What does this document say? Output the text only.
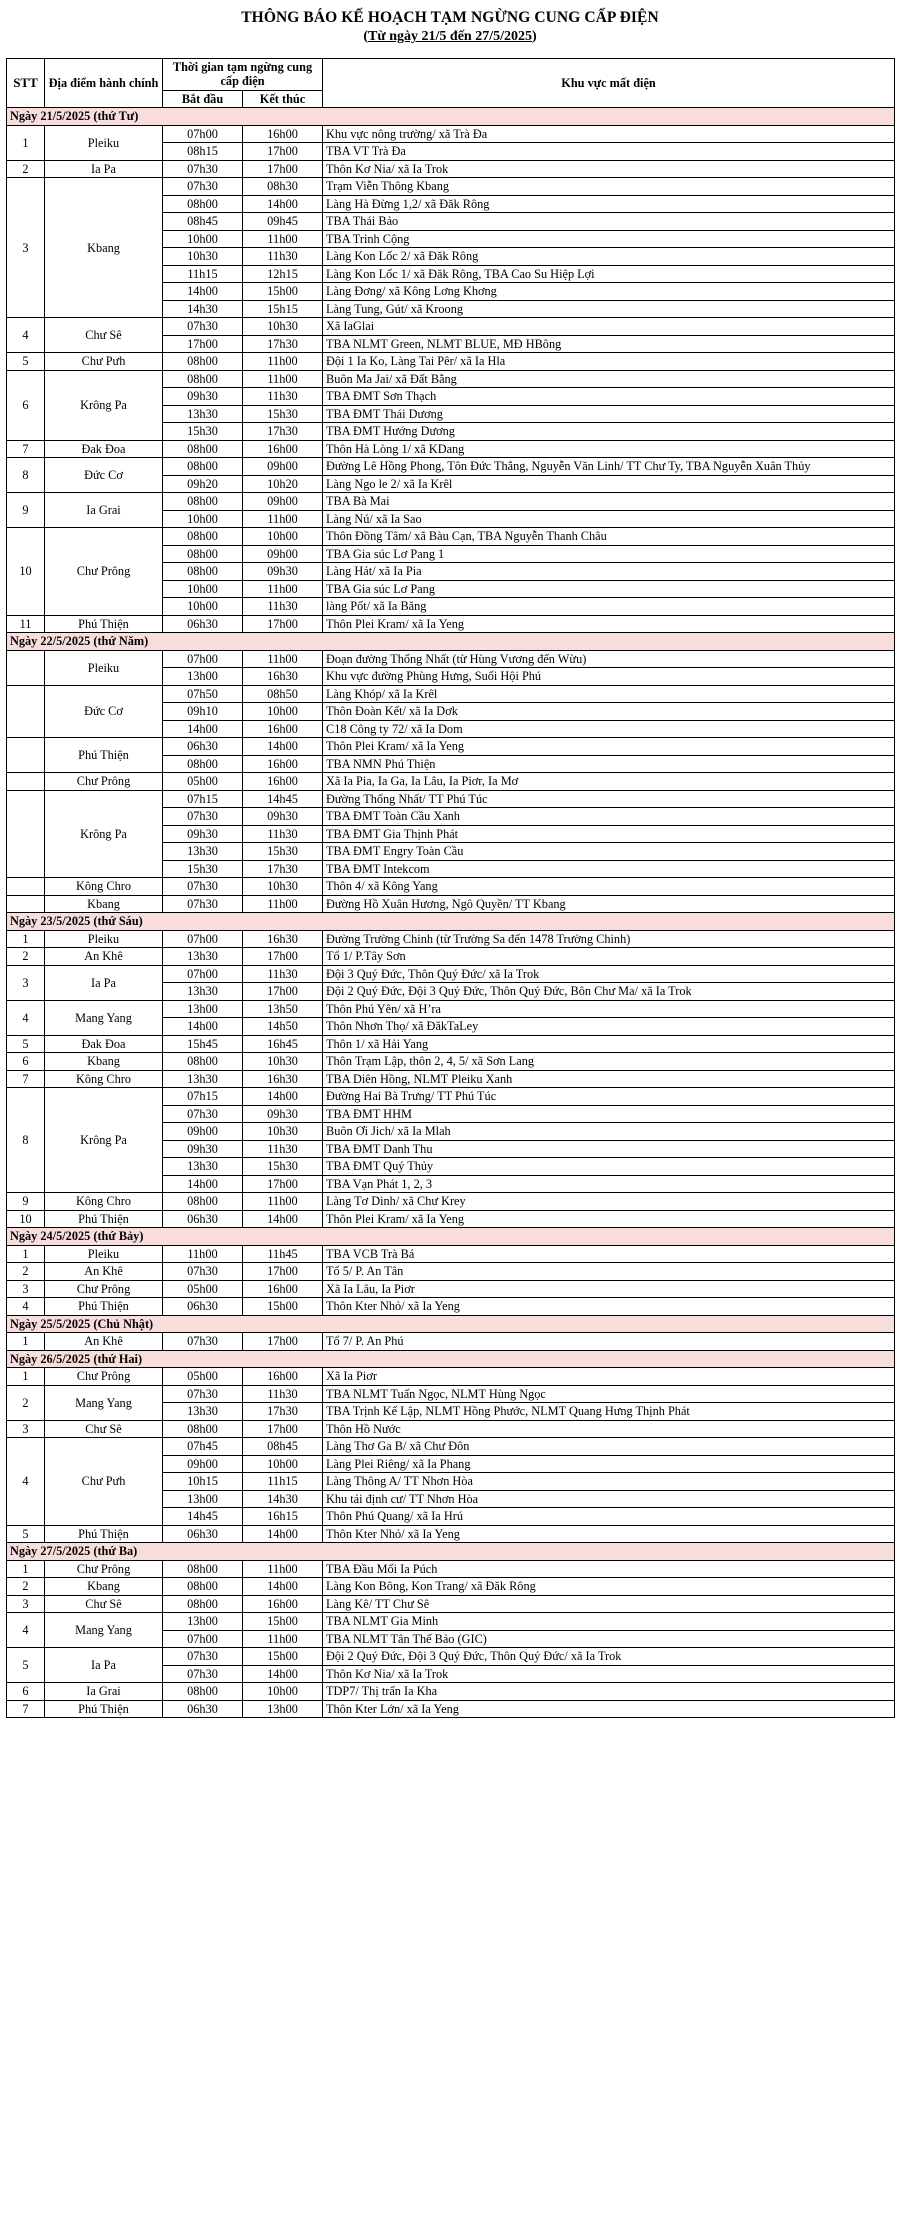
THÔNG BÁO KẾ HOẠCH TẠM NGỪNG CUNG CẤP ĐIỆN
(Từ ngày 21/5 đến 27/5/2025)
STT	Địa điểm hành chính	Thời gian tạm ngừng cung cấp điện		Khu vực mất điện
		Bắt đầu	Kết thúc	
Ngày 21/5/2025 (thứ Tư)				
1	Pleiku	07h00	16h00	Khu vực nông trường/ xã Trà Đa
		08h15	17h00	TBA VT Trà Đa
2	Ia Pa	07h30	17h00	Thôn Kơ Nia/ xã Ia Trok
3	Kbang	07h30	08h30	Trạm Viễn Thông Kbang
		08h00	14h00	Làng Hà Đừng 1,2/ xã Đăk Rông
		08h45	09h45	TBA Thái Bảo
		10h00	11h00	TBA Trinh Cộng
		10h30	11h30	Làng Kon Lốc 2/ xã Đăk Rông
		11h15	12h15	Làng Kon Lốc 1/ xã Đăk Rông, TBA Cao Su Hiệp Lợi
		14h00	15h00	Làng Đơng/ xã Kông Lơng Khơng
		14h30	15h15	Làng Tung, Gút/ xã Kroong
4	Chư Sê	07h30	10h30	Xã IaGlai
		17h00	17h30	TBA NLMT Green, NLMT BLUE, MĐ HBông
5	Chư Pưh	08h00	11h00	Đội 1 Ia Ko, Làng Tai Pêr/ xã Ia Hla
6	Krông Pa	08h00	11h00	Buôn Ma Jai/ xã Đất Bằng
		09h30	11h30	TBA ĐMT Sơn Thạch
		13h30	15h30	TBA ĐMT Thái Dương
		15h30	17h30	TBA ĐMT Hướng Dương
7	Đak Đoa	08h00	16h00	Thôn Hà Lòng 1/ xã KDang
8	Đức Cơ	08h00	09h00	Đường Lê Hồng Phong, Tôn Đức Thắng, Nguyễn Văn Linh/ TT Chư Ty, TBA Nguyễn Xuân Thủy
		09h20	10h20	Làng Ngo le 2/ xã Ia Krêl
9	Ia Grai	08h00	09h00	TBA Bà Mai
		10h00	11h00	Làng Nú/ xã Ia Sao
10	Chư Prông	08h00	10h00	Thôn Đồng Tâm/ xã Bàu Cạn, TBA Nguyễn Thanh Châu
		08h00	09h00	TBA Gia súc Lơ Pang 1
		08h00	09h30	Làng Hát/ xã Ia Pia
		10h00	11h00	TBA Gia súc Lơ Pang
		10h00	11h30	làng Pốt/ xã Ia Băng
11	Phú Thiện	06h30	17h00	Thôn Plei Kram/ xã Ia Yeng
Ngày 22/5/2025 (thứ Năm)				
	Pleiku	07h00	11h00	Đoạn đường Thống Nhất (từ Hùng Vương đến Wừu)
		13h00	16h30	Khu vực đường Phùng Hưng, Suối Hội Phú
	Đức Cơ	07h50	08h50	Làng Khóp/ xã Ia Krêl
		09h10	10h00	Thôn Đoàn Kết/ xã Ia Dơk
		14h00	16h00	C18 Công ty 72/ xã Ia Dom
	Phú Thiện	06h30	14h00	Thôn Plei Kram/ xã Ia Yeng
		08h00	16h00	TBA NMN Phú Thiện
	Chư Prông	05h00	16h00	Xã Ia Pia, Ia Ga, Ia Lâu, Ia Piơr, Ia Mơ
	Krông Pa	07h15	14h45	Đường Thống Nhất/ TT Phú Túc
		07h30	09h30	TBA ĐMT Toàn Cầu Xanh
		09h30	11h30	TBA ĐMT Gia Thịnh Phát
		13h30	15h30	TBA ĐMT Engry Toàn Cầu
		15h30	17h30	TBA ĐMT Intekcom
	Kông Chro	07h30	10h30	Thôn 4/ xã Kông Yang
	Kbang	07h30	11h00	Đường Hồ Xuân Hương, Ngô Quyền/ TT Kbang
Ngày 23/5/2025 (thứ Sáu)				
1	Pleiku	07h00	16h30	Đường Trường Chinh (từ Trường Sa đến 1478 Trường Chinh)
2	An Khê	13h30	17h00	Tổ 1/ P.Tây Sơn
3	Ia Pa	07h00	11h30	Đội 3 Quý Đức, Thôn Quý Đức/ xã Ia Trok
		13h30	17h00	Đội 2 Quý Đức, Đội 3 Quý Đức, Thôn Quý Đức, Bôn Chư Ma/ xã Ia Trok
4	Mang Yang	13h00	13h50	Thôn Phú Yên/ xã H’ra
		14h00	14h50	Thôn Nhơn Thọ/ xã ĐăkTaLey
5	Đak Đoa	15h45	16h45	Thôn 1/ xã Hải Yang
6	Kbang	08h00	10h30	Thôn Trạm Lập, thôn 2, 4, 5/ xã Sơn Lang
7	Kông Chro	13h30	16h30	TBA Diên Hồng, NLMT Pleiku Xanh
8	Krông Pa	07h15	14h00	Đường Hai Bà Trưng/ TT Phú Túc
		07h30	09h30	TBA ĐMT HHM
		09h00	10h30	Buôn Ơi Jich/ xã Ia Mlah
		09h30	11h30	TBA ĐMT Danh Thu
		13h30	15h30	TBA ĐMT Quý Thủy
		14h00	17h00	TBA Vạn Phát 1, 2, 3
9	Kông Chro	08h00	11h00	Làng Tơ Dinh/ xã Chư Krey
10	Phú Thiện	06h30	14h00	Thôn Plei Kram/ xã Ia Yeng
Ngày 24/5/2025 (thứ Bảy)				
1	Pleiku	11h00	11h45	TBA VCB Trà Bá
2	An Khê	07h30	17h00	Tổ 5/ P. An Tân
3	Chư Prông	05h00	16h00	Xã Ia Lâu, Ia Piơr
4	Phú Thiện	06h30	15h00	Thôn Kter Nhỏ/ xã Ia Yeng
Ngày 25/5/2025 (Chủ Nhật)				
1	An Khê	07h30	17h00	Tổ 7/ P. An Phú
Ngày 26/5/2025 (thứ Hai)				
1	Chư Prông	05h00	16h00	Xã Ia Piơr
2	Mang Yang	07h30	11h30	TBA NLMT Tuấn Ngọc, NLMT Hùng Ngọc
		13h30	17h30	TBA Trịnh Kế Lập, NLMT Hồng Phước, NLMT Quang Hưng Thịnh Phát
3	Chư Sê	08h00	17h00	Thôn Hồ Nước
4	Chư Pưh	07h45	08h45	Làng Thơ Ga B/ xã Chư Đôn
		09h00	10h00	Làng Plei Riêng/ xã Ia Phang
		10h15	11h15	Làng Thông A/ TT Nhơn Hòa
		13h00	14h30	Khu tái định cư/ TT Nhơn Hòa
		14h45	16h15	Thôn Phú Quang/ xã Ia Hrú
5	Phú Thiện	06h30	14h00	Thôn Kter Nhỏ/ xã Ia Yeng
Ngày 27/5/2025 (thứ Ba)				
1	Chư Prông	08h00	11h00	TBA Đầu Mối Ia Púch
2	Kbang	08h00	14h00	Làng Kon Bông, Kon Trang/ xã Đăk Rông
3	Chư Sê	08h00	16h00	Làng Kê/ TT Chư Sê
4	Mang Yang	13h00	15h00	TBA NLMT Gia Minh
		07h00	11h00	TBA NLMT Tân Thế Bảo (GIC)
5	Ia Pa	07h30	15h00	Đội 2 Quý Đức, Đội 3 Quý Đức, Thôn Quý Đức/ xã Ia Trok
		07h30	14h00	Thôn Kơ Nia/ xã Ia Trok
6	Ia Grai	08h00	10h00	TDP7/ Thị trấn Ia Kha
7	Phú Thiện	06h30	13h00	Thôn Kter Lớn/ xã Ia Yeng
